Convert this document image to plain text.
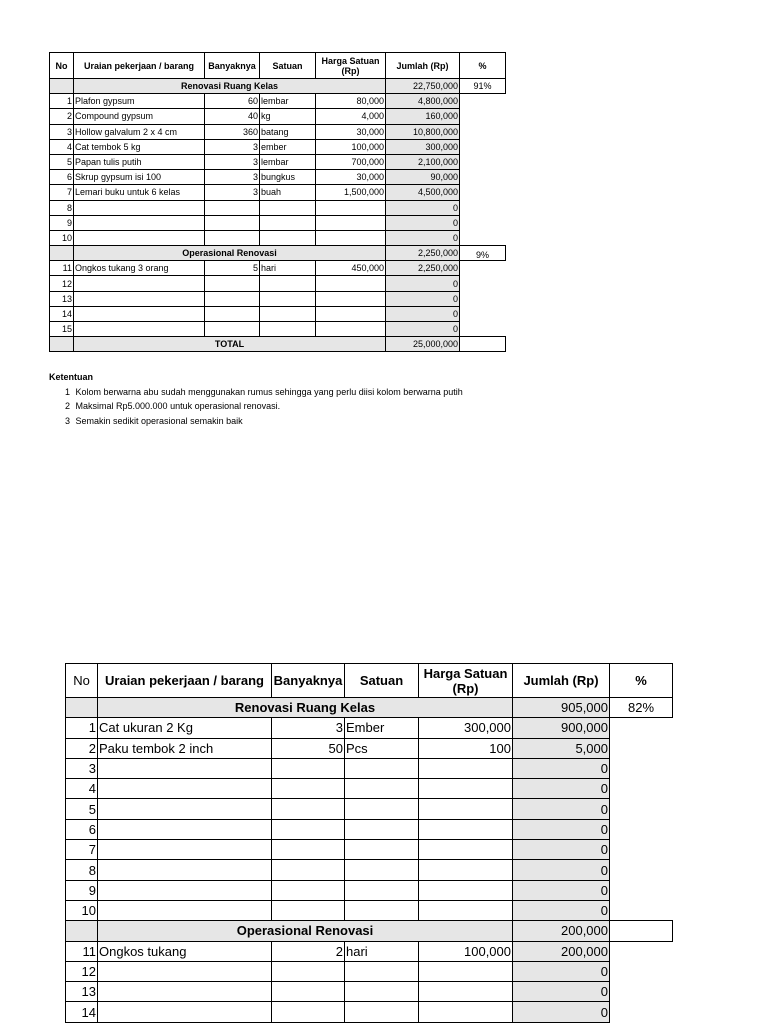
No	Uraian pekerjaan / barang	Banyaknya	Satuan	Harga Satuan (Rp)	Jumlah (Rp)	%
	Renovasi Ruang Kelas				22,750,000	91%
1	Plafon gypsum	60	lembar	80,000	4,800,000	
2	Compound gypsum	40	kg	4,000	160,000	
3	Hollow galvalum 2 x 4 cm	360	batang	30,000	10,800,000	
4	Cat tembok 5 kg	3	ember	100,000	300,000	
5	Papan tulis putih	3	lembar	700,000	2,100,000	
6	Skrup gypsum isi 100	3	bungkus	30,000	90,000	
7	Lemari buku untuk 6 kelas	3	buah	1,500,000	4,500,000	
8					0	
9					0	
10					0	
	Operasional Renovasi				2,250,000	9%
11	Ongkos tukang 3 orang	5	hari	450,000	2,250,000	
12					0	
13					0	
14					0	
15					0	
	TOTAL				25,000,000	
Ketentuan
1 Kolom berwarna abu sudah menggunakan rumus sehingga yang perlu diisi kolom berwarna putih
2 Maksimal Rp5.000.000 untuk operasional renovasi.
3 Semakin sedikit operasional semakin baik
No	Uraian pekerjaan / barang	Banyaknya	Satuan	Harga Satuan (Rp)	Jumlah (Rp)	%
	Renovasi Ruang Kelas				905,000	82%
1	Cat ukuran 2 Kg	3	Ember	300,000	900,000	
2	Paku tembok 2 inch	50	Pcs	100	5,000	
3					0	
4					0	
5					0	
6					0	
7					0	
8					0	
9					0	
10					0	
	Operasional Renovasi				200,000	
11	Ongkos tukang	2	hari	100,000	200,000	
12					0	
13					0	
14					0	
